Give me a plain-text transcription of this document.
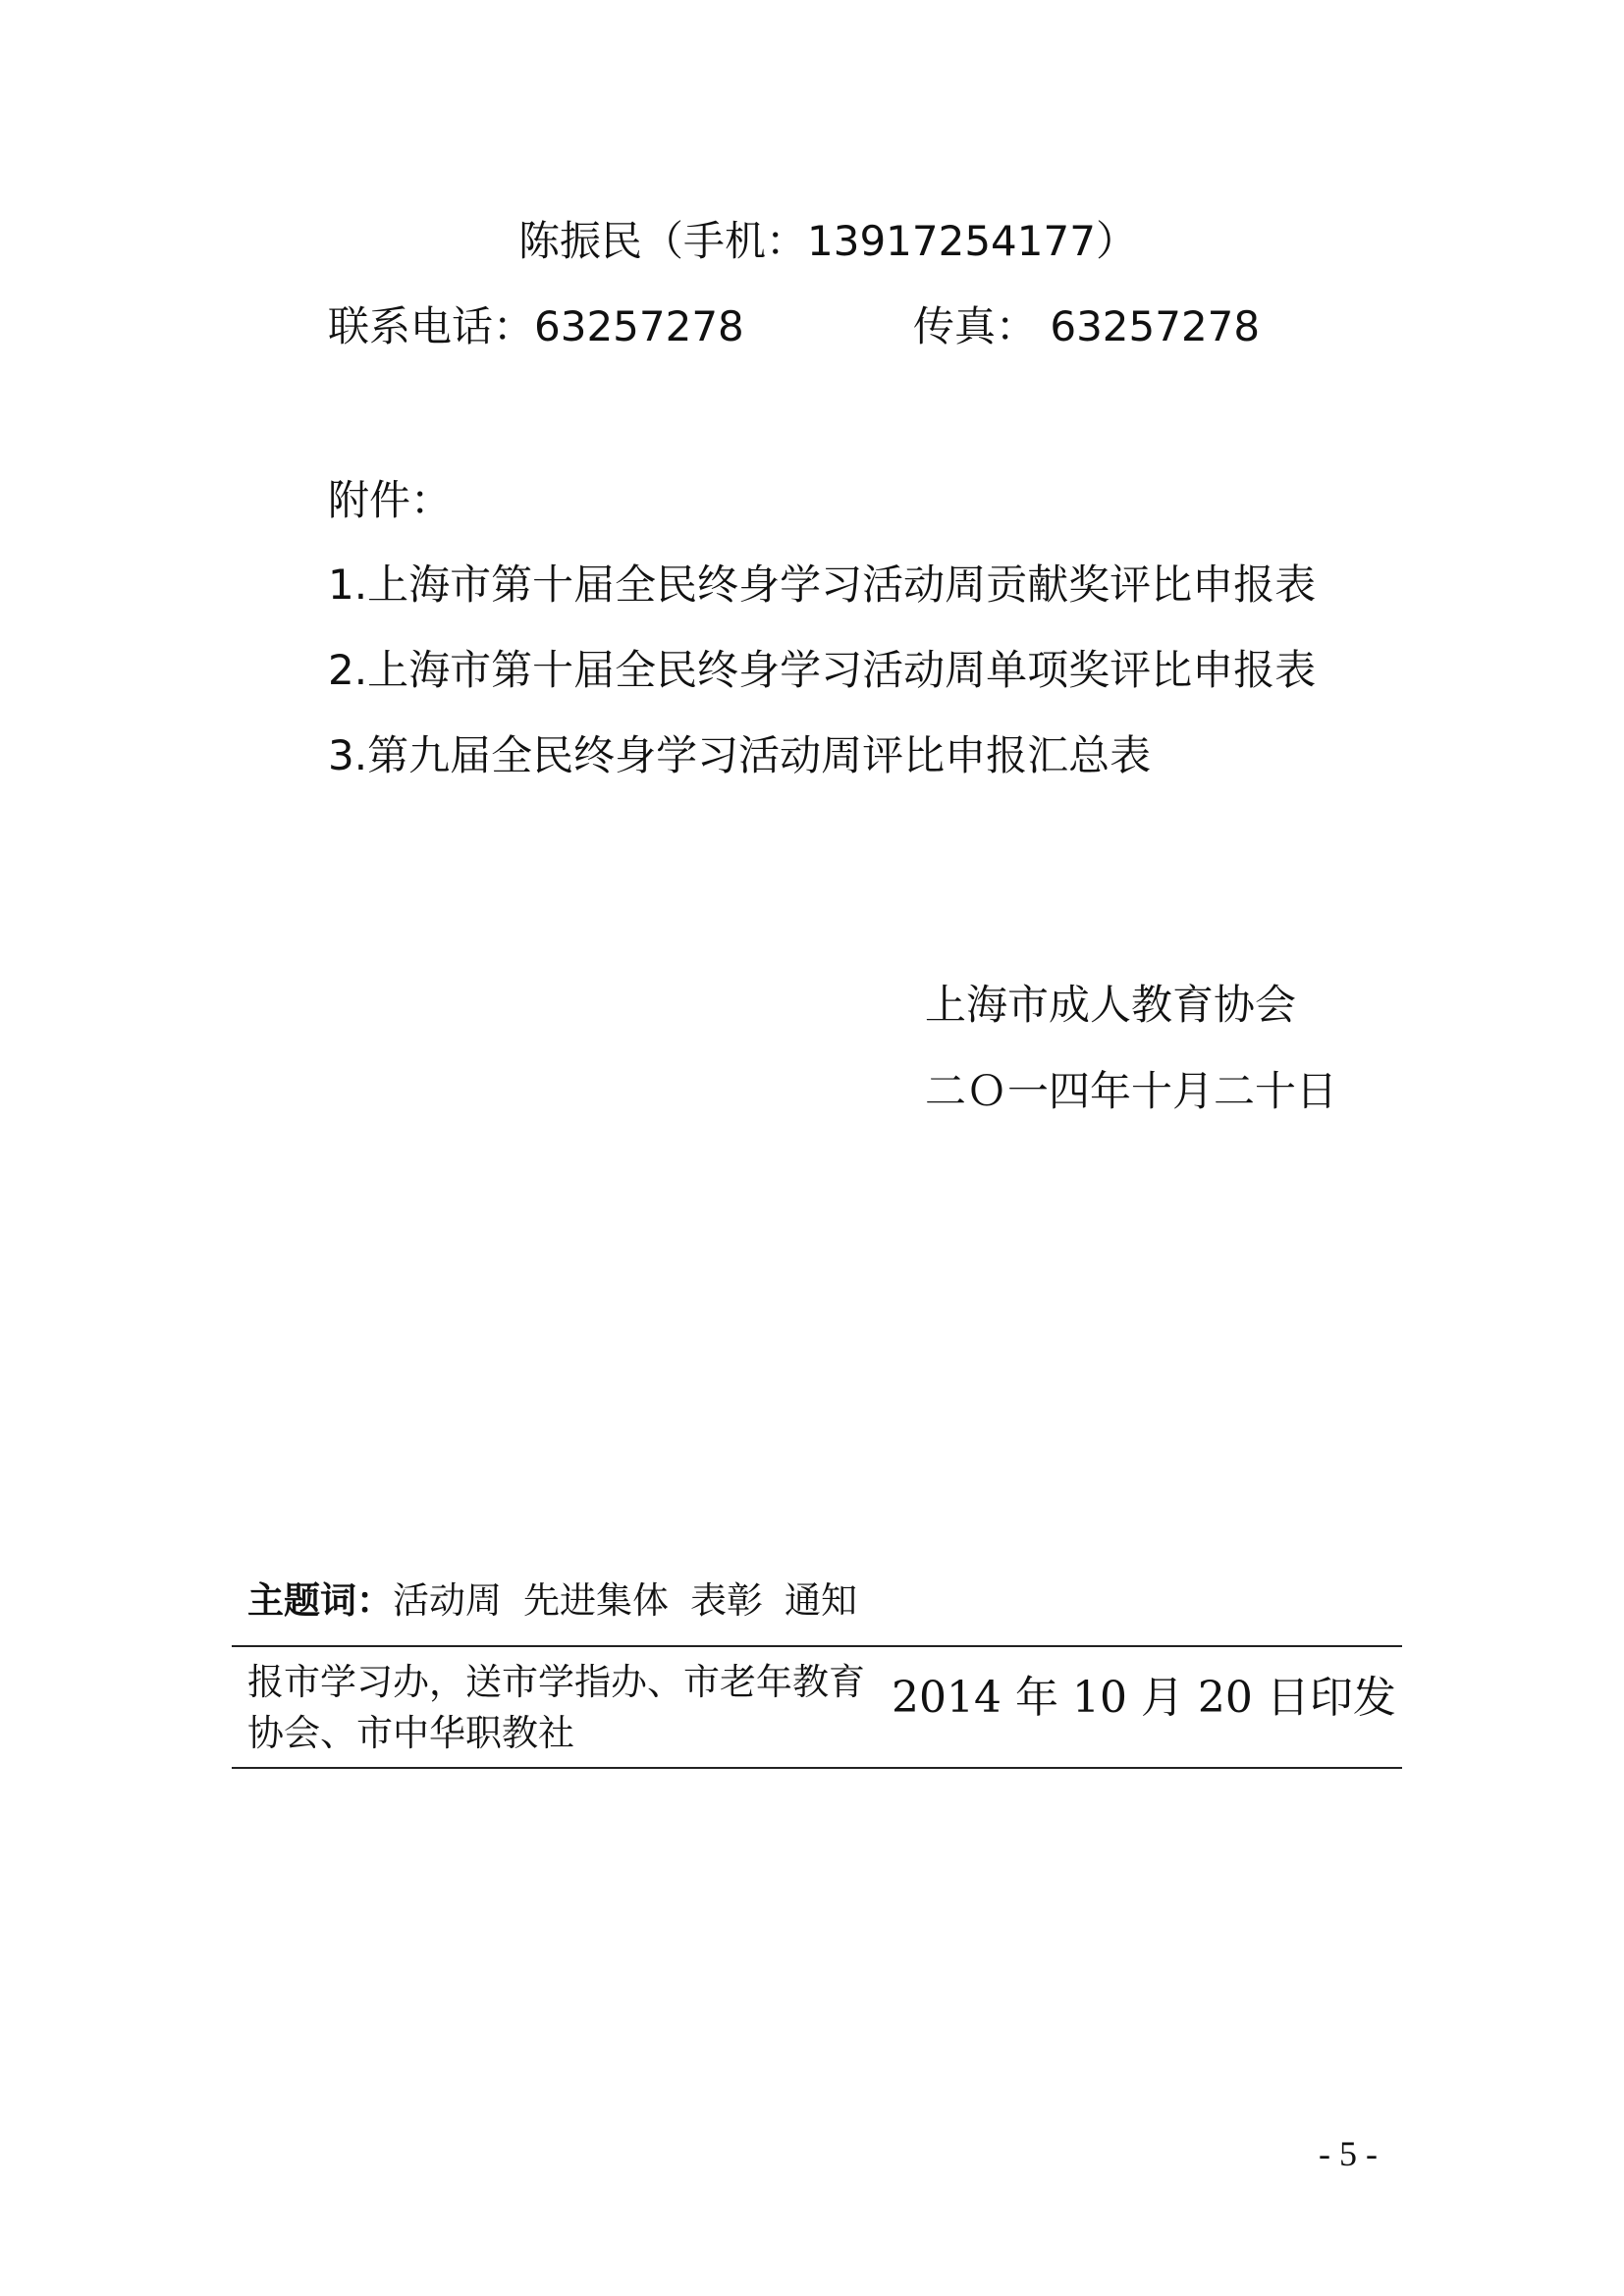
陈振民（手机：13917254177）
联系电话：63257278	传真： 63257278
附件：
1.上海市第十届全民终身学习活动周贡献奖评比申报表
2.上海市第十届全民终身学习活动周单项奖评比申报表
3.第九届全民终身学习活动周评比申报汇总表
上海市成人教育协会
二Ｏ一四年十月二十日
主题词：活动周 先进集体 表彰 通知
报市学习办，送市学指办、市老年教育协会、市中华职教社
2014 年 10 月 20 日印发
- 5 -
